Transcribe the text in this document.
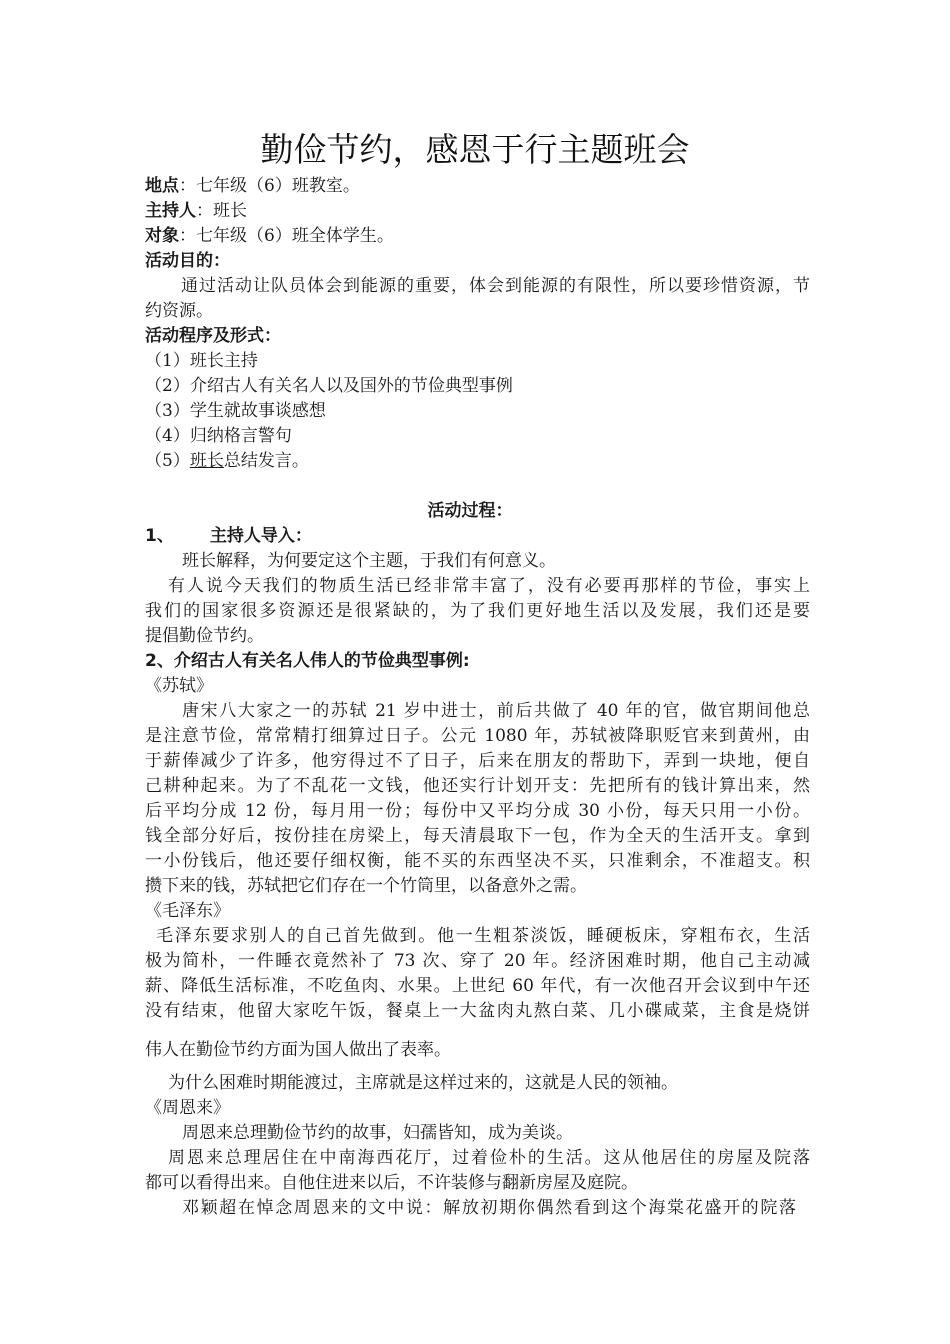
勤俭节约，感恩于行主题班会
地点：七年级（6）班教室。
主持人：班长
对象：七年级（6）班全体学生。
活动目的：
　　通过活动让队员体会到能源的重要，体会到能源的有限性，所以要珍惜资源，节
约资源。
活动程序及形式：
（1）班长主持
（2）介绍古人有关名人以及国外的节俭典型事例
（3）学生就故事谈感想
（4）归纳格言警句
（5）班长总结发言。
活动过程：
1、 主持人导入：
班长解释，为何要定这个主题，于我们有何意义。
有人说今天我们的物质生活已经非常丰富了，没有必要再那样的节俭，事实上
我们的国家很多资源还是很紧缺的，为了我们更好地生活以及发展，我们还是要
提倡勤俭节约。
2、介绍古人有关名人伟人的节俭典型事例:
《苏轼》
唐宋八大家之一的苏轼 21 岁中进士，前后共做了 40 年的官，做官期间他总
是注意节俭，常常精打细算过日子。公元 1080 年，苏轼被降职贬官来到黄州，由
于薪俸减少了许多，他穷得过不了日子，后来在朋友的帮助下，弄到一块地，便自
己耕种起来。为了不乱花一文钱，他还实行计划开支：先把所有的钱计算出来，然
后平均分成 12 份，每月用一份；每份中又平均分成 30 小份，每天只用一小份。
钱全部分好后，按份挂在房梁上，每天清晨取下一包，作为全天的生活开支。拿到
一小份钱后，他还要仔细权衡，能不买的东西坚决不买，只准剩余，不准超支。积
攒下来的钱，苏轼把它们存在一个竹筒里，以备意外之需。
《毛泽东》
毛泽东要求别人的自己首先做到。他一生粗茶淡饭，睡硬板床，穿粗布衣，生活
极为简朴，一件睡衣竟然补了 73 次、穿了 20 年。经济困难时期，他自己主动减
薪、降低生活标准，不吃鱼肉、水果。上世纪 60 年代，有一次他召开会议到中午还
没有结束，他留大家吃午饭，餐桌上一大盆肉丸熬白菜、几小碟咸菜，主食是烧饼
伟人在勤俭节约方面为国人做出了表率。
为什么困难时期能渡过，主席就是这样过来的，这就是人民的领袖。
《周恩来》
周恩来总理勤俭节约的故事，妇孺皆知，成为美谈。
周恩来总理居住在中南海西花厅，过着俭朴的生活。这从他居住的房屋及院落
都可以看得出来。自他住进来以后，不许装修与翻新房屋及庭院。
邓颖超在悼念周恩来的文中说：解放初期你偶然看到这个海棠花盛开的院落
